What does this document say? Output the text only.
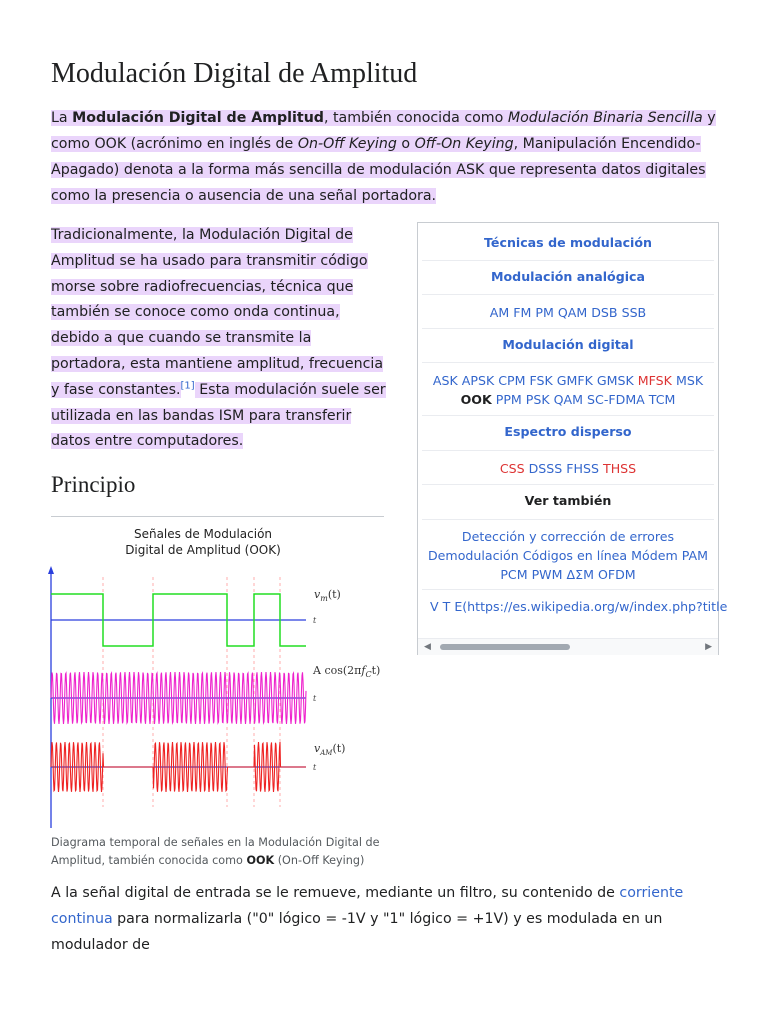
Modulación Digital de Amplitud

La Modulación Digital de Amplitud, también conocida como Modulación Binaria Sencilla y como OOK (acrónimo en inglés de On-Off Keying o Off-On Keying, Manipulación Encendido-Apagado) denota a la forma más sencilla de modulación ASK que representa datos digitales como la presencia o ausencia de una señal portadora.

Tradicionalmente, la Modulación Digital de Amplitud se ha usado para transmitir código morse sobre radiofrecuencias, técnica que también se conoce como onda continua, debido a que cuando se transmite la portadora, esta mantiene amplitud, frecuencia y fase constantes.[1] Esta modulación suele ser utilizada en las bandas ISM para transferir datos entre computadores.

Principio
Señales de Modulación
Digital de Amplitud (OOK)
t
t
t
$v_m(t)$
A $\cos(2\pi f_Ct)$
$v_{AM}(t)$
Diagrama temporal de señales en la Modulación Digital de Amplitud, también conocida como OOK (On-Off Keying)

A la señal digital de entrada se le remueve, mediante un filtro, su contenido de corriente continua para normalizarla ("0" lógico = -1V y "1" lógico = +1V) y es modulada en un modulador de

Técnicas de modulación
Modulación analógica
AM FM PM QAM DSB SSB
Modulación digital
ASK APSK CPM FSK GMFK GMSK MFSK MSK
OOK PPM PSK QAM SC-FDMA TCM
Espectro disperso
CSS DSSS FHSS THSS
Ver también
Detección y corrección de errores
Demodulación Códigos en línea Módem PAM
PCM PWM ΔΣM OFDM
V T E(https://es.wikipedia.org/w/index.php?title
◀	▶
